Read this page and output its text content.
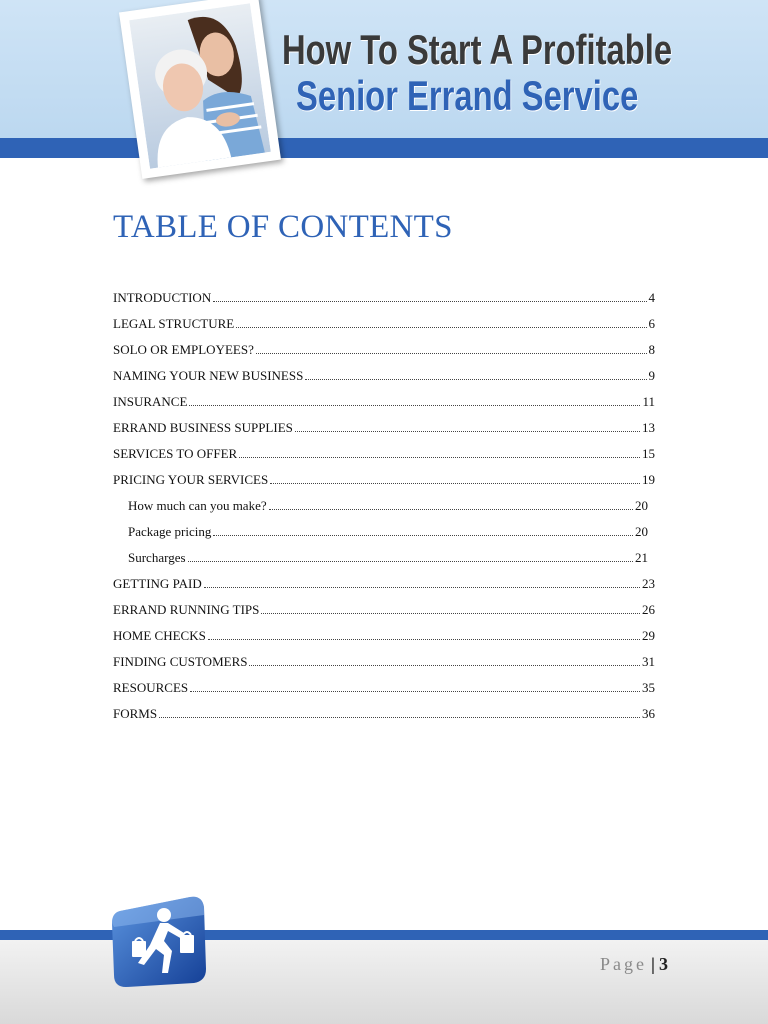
How To Start A Profitable
Senior Errand Service
TABLE OF CONTENTS
INTRODUCTION	4
LEGAL STRUCTURE	6
SOLO OR EMPLOYEES?	8
NAMING YOUR NEW BUSINESS	9
INSURANCE	11
ERRAND BUSINESS SUPPLIES	13
SERVICES TO OFFER	15
PRICING YOUR SERVICES	19
How much can you make?	20
Package pricing	20
Surcharges	21
GETTING PAID	23
ERRAND RUNNING TIPS	26
HOME CHECKS	29
FINDING CUSTOMERS	31
RESOURCES	35
FORMS	36
Page | 3
